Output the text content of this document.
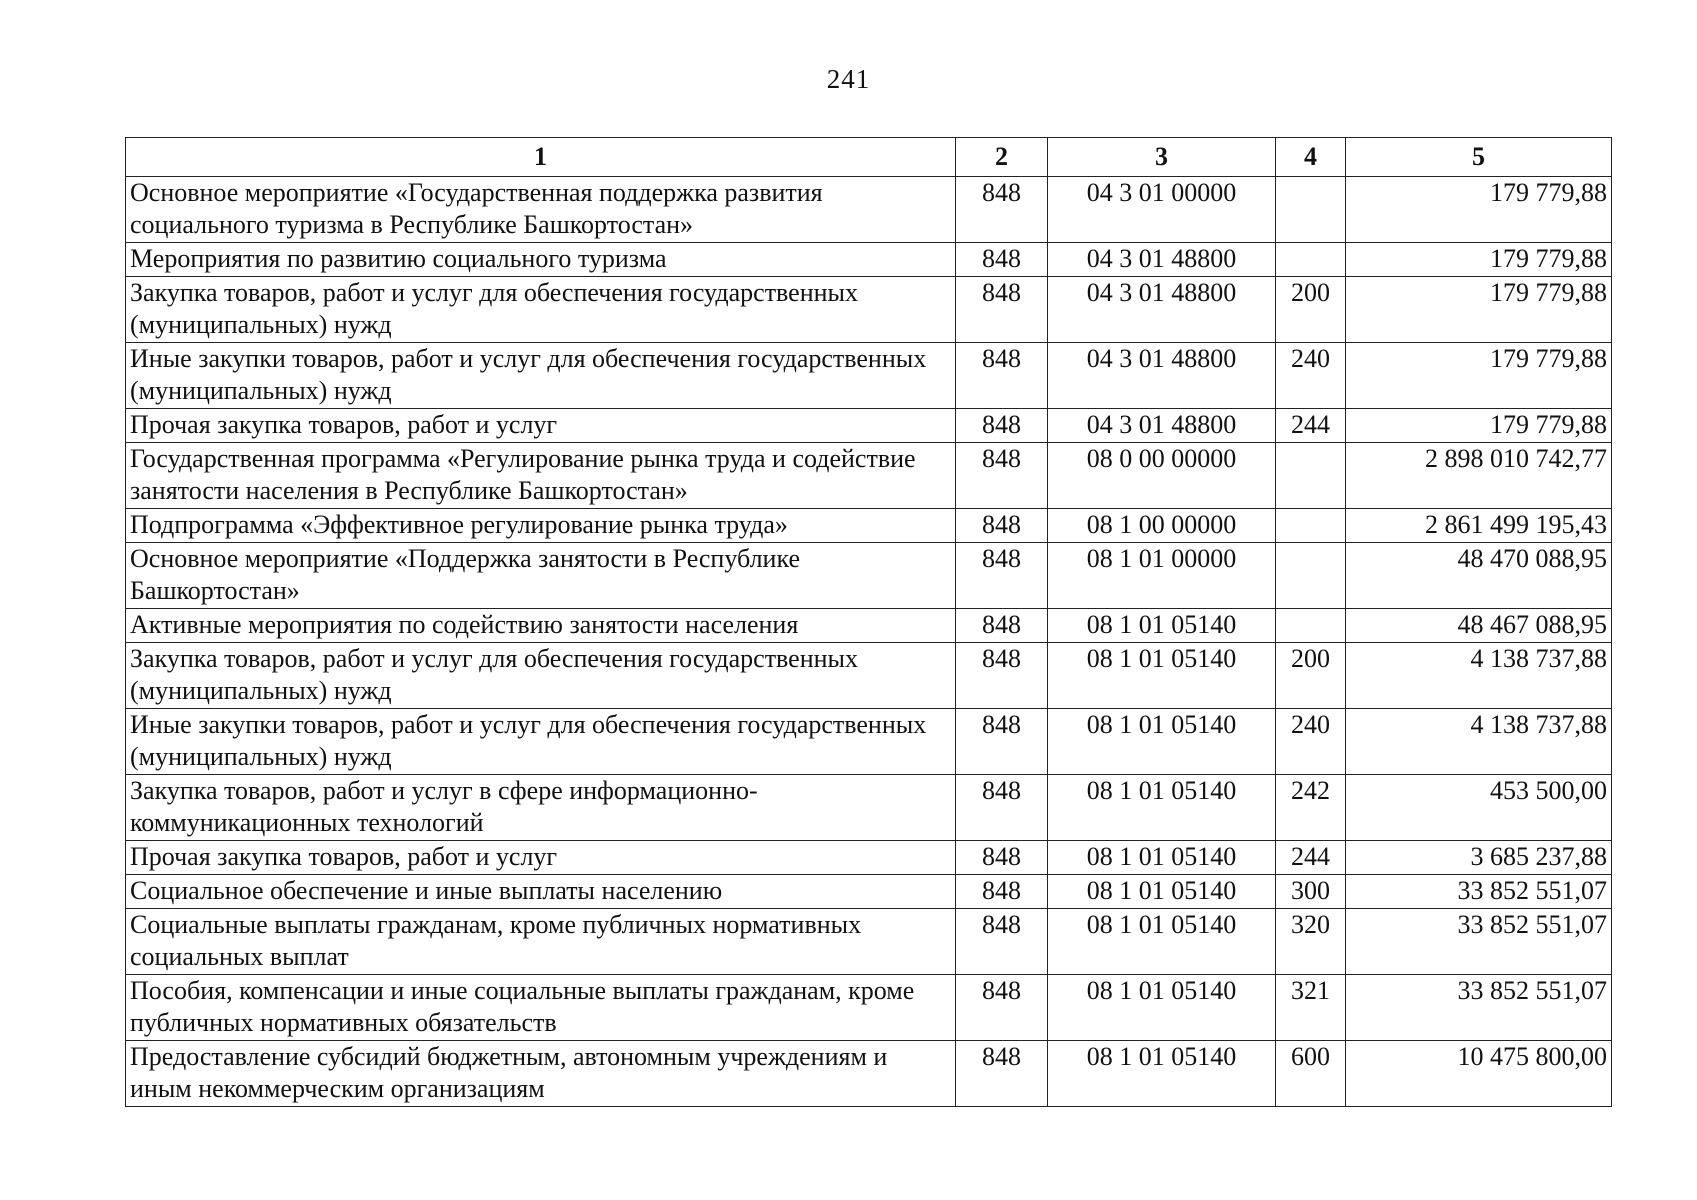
241
1	2	3	4	5
Основное мероприятие «Государственная поддержка развития социального туризма в Республике Башкортостан»	848	04 3 01 00000		179 779,88
Мероприятия по развитию социального туризма	848	04 3 01 48800		179 779,88
Закупка товаров, работ и услуг для обеспечения государственных (муниципальных) нужд	848	04 3 01 48800	200	179 779,88
Иные закупки товаров, работ и услуг для обеспечения государственных (муниципальных) нужд	848	04 3 01 48800	240	179 779,88
Прочая закупка товаров, работ и услуг	848	04 3 01 48800	244	179 779,88
Государственная программа «Регулирование рынка труда и содействие занятости населения в Республике Башкортостан»	848	08 0 00 00000		2 898 010 742,77
Подпрограмма «Эффективное регулирование рынка труда»	848	08 1 00 00000		2 861 499 195,43
Основное мероприятие «Поддержка занятости в Республике Башкортостан»	848	08 1 01 00000		48 470 088,95
Активные мероприятия по содействию занятости населения	848	08 1 01 05140		48 467 088,95
Закупка товаров, работ и услуг для обеспечения государственных (муниципальных) нужд	848	08 1 01 05140	200	4 138 737,88
Иные закупки товаров, работ и услуг для обеспечения государственных (муниципальных) нужд	848	08 1 01 05140	240	4 138 737,88
Закупка товаров, работ и услуг в сфере информационно-коммуникационных технологий	848	08 1 01 05140	242	453 500,00
Прочая закупка товаров, работ и услуг	848	08 1 01 05140	244	3 685 237,88
Социальное обеспечение и иные выплаты населению	848	08 1 01 05140	300	33 852 551,07
Социальные выплаты гражданам, кроме публичных нормативных социальных выплат	848	08 1 01 05140	320	33 852 551,07
Пособия, компенсации и иные социальные выплаты гражданам, кроме публичных нормативных обязательств	848	08 1 01 05140	321	33 852 551,07
Предоставление субсидий бюджетным, автономным учреждениям и иным некоммерческим организациям	848	08 1 01 05140	600	10 475 800,00
